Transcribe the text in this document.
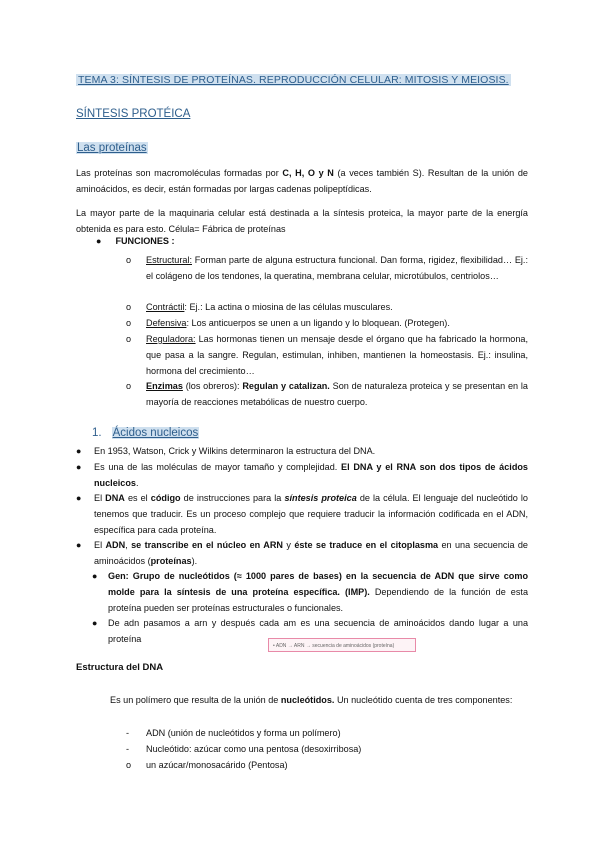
TEMA 3: SÍNTESIS DE PROTEÍNAS. REPRODUCCIÓN CELULAR: MITOSIS Y MEIOSIS.
SÍNTESIS PROTÉICA
Las proteínas

Las proteínas son macromoléculas formadas por C, H, O y N (a veces también S). Resultan de la unión de aminoácidos, es decir, están formadas por largas cadenas polipeptídicas.

La mayor parte de la maquinaria celular está destinada a la síntesis proteica, la mayor parte de la energía obtenida es para esto. Célula= Fábrica de proteínas

● FUNCIONES :
o	Estructural: Forman parte de alguna estructura funcional. Dan forma, rigidez, flexibilidad… Ej.: el colágeno de los tendones, la queratina, membrana celular, microtúbulos, centriolos…
o	Contráctil: Ej.: La actina o miosina de las células musculares.
o	Defensiva: Los anticuerpos se unen a un ligando y lo bloquean. (Protegen).
o	Reguladora: Las hormonas tienen un mensaje desde el órgano que ha fabricado la hormona, que pasa a la sangre. Regulan, estimulan, inhiben, mantienen la homeostasis. Ej.: insulina, hormona del crecimiento…
o	Enzimas (los obreros): Regulan y catalizan. Son de naturaleza proteica y se presentan en la mayoría de reacciones metabólicas de nuestro cuerpo.
1. Ácidos nucleicos
● En 1953, Watson, Crick y Wilkins determinaron la estructura del DNA.
● Es una de las moléculas de mayor tamaño y complejidad. El DNA y el RNA son dos tipos de ácidos nucleicos.
● El DNA es el código de instrucciones para la síntesis proteica de la célula. El lenguaje del nucleótido lo tenemos que traducir. Es un proceso complejo que requiere traducir la información codificada en el ADN, específica para cada proteína.
● El ADN, se transcribe en el núcleo en ARN y éste se traduce en el citoplasma en una secuencia de aminoácidos (proteínas).
● Gen: Grupo de nucleótidos (≈ 1000 pares de bases) en la secuencia de ADN que sirve como molde para la síntesis de una proteína específica. (IMP). Dependiendo de la función de esta proteína pueden ser proteínas estructurales o funcionales.
● De adn pasamos a arn y después cada am es una secuencia de aminoácidos dando lugar a una proteína
• ADN → ARN → secuencia de aminoácidos (proteína)
Estructura del DNA

Es un polímero que resulta de la unión de nucleótidos. Un nucleótido cuenta de tres componentes:

- ADN (unión de nucleótidos y forma un polímero)
- Nucleótido: azúcar como una pentosa (desoxirribosa)
o un azúcar/monosacárido (Pentosa)
